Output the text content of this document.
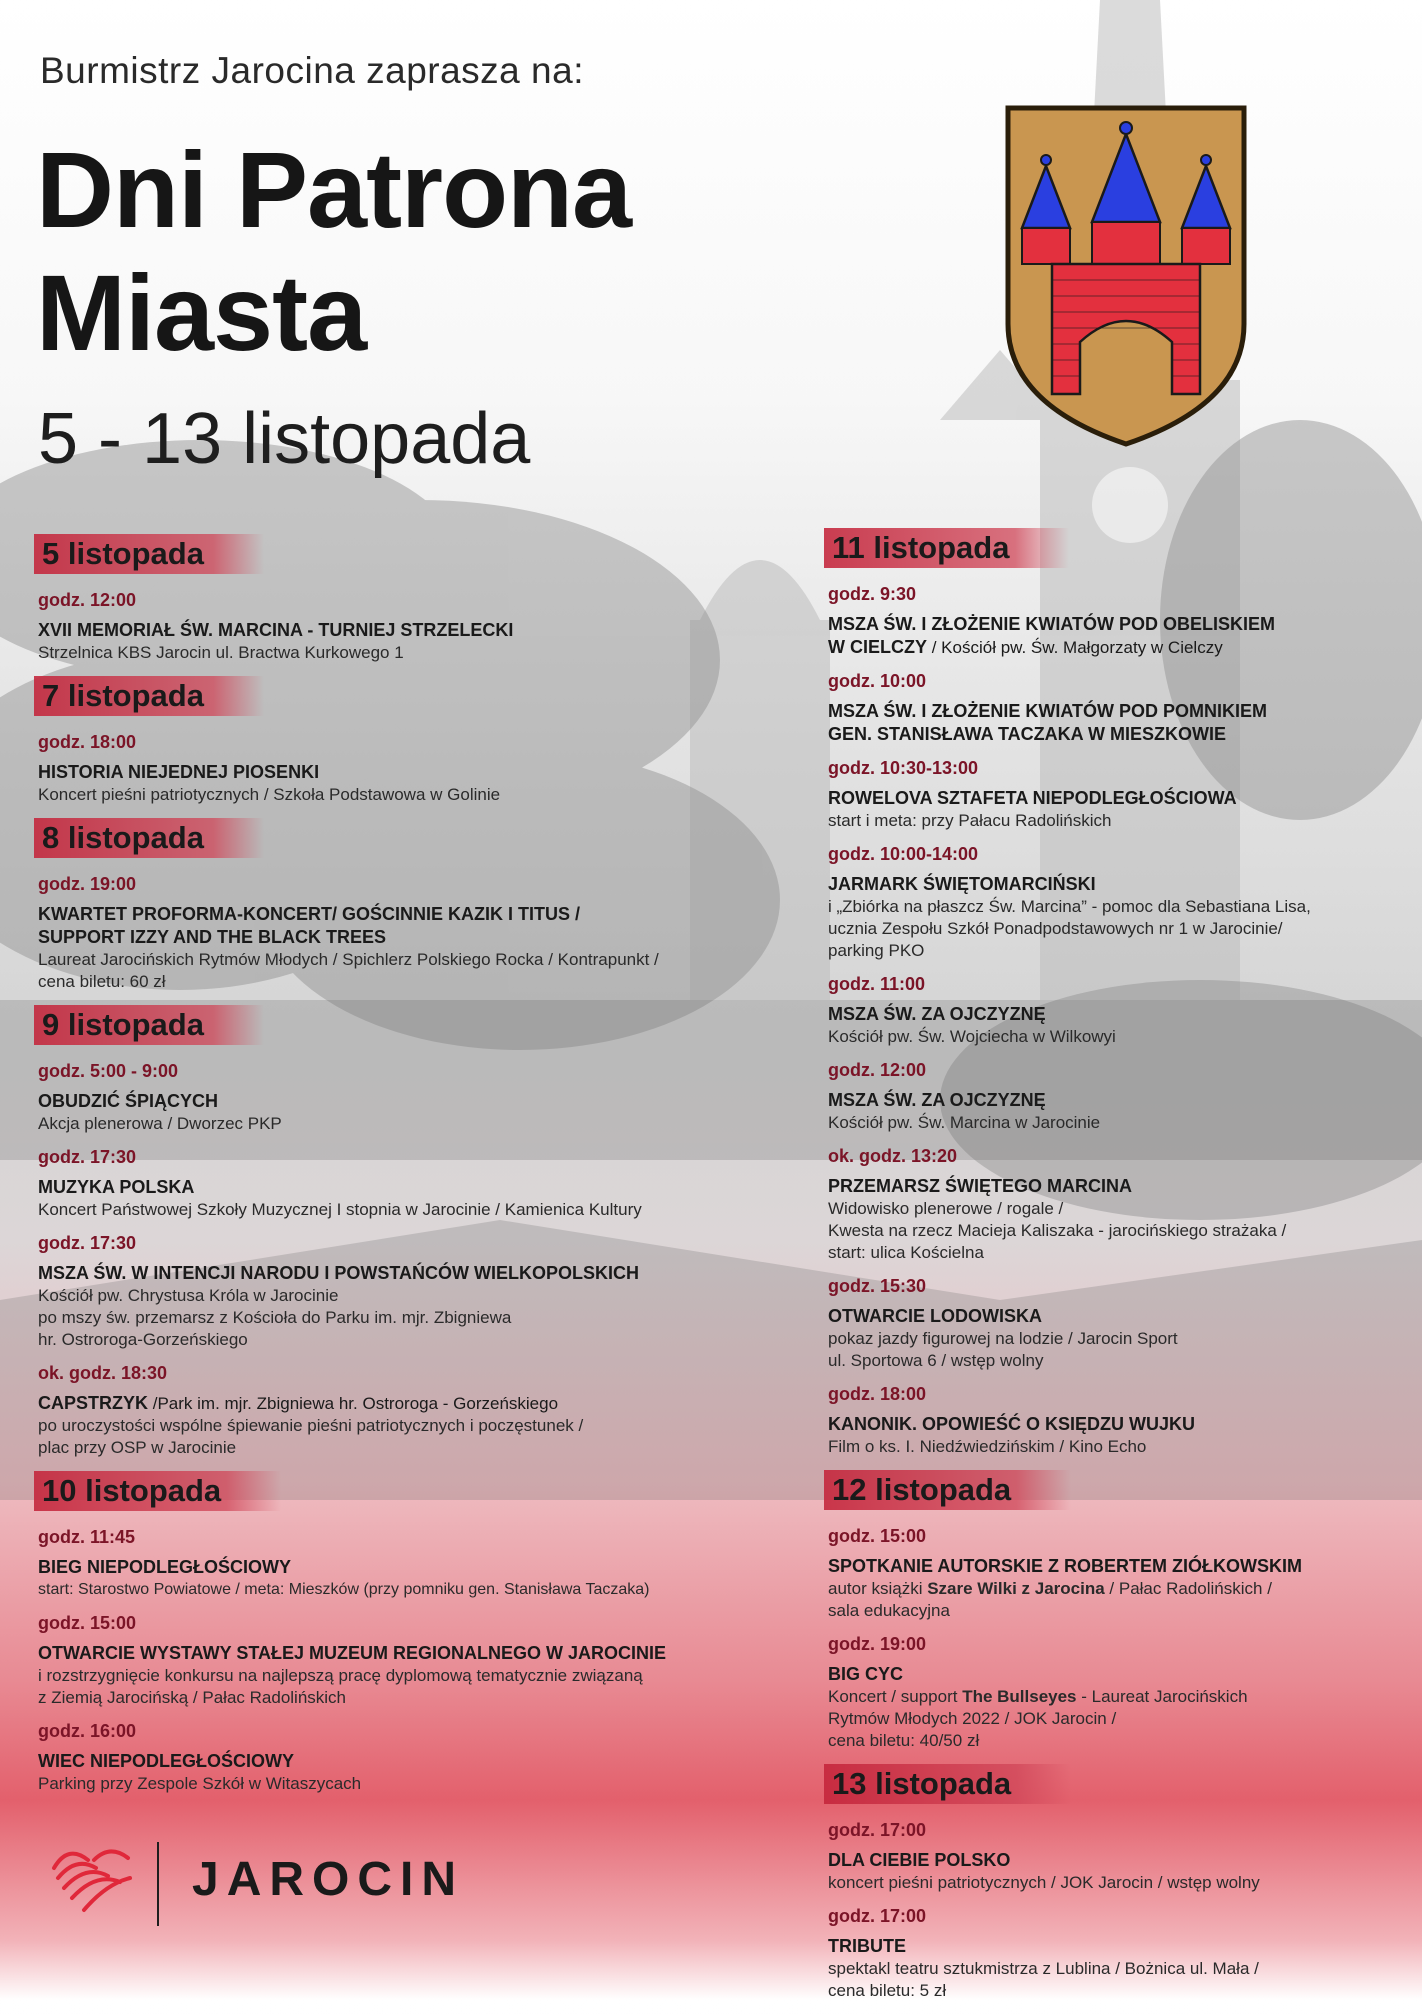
Burmistrz Jarocina zaprasza na:
Dni Patrona
Miasta
5 - 13 listopada
5 listopada
godz. 12:00
XVII MEMORIAŁ ŚW. MARCINA - TURNIEJ STRZELECKI
Strzelnica KBS Jarocin ul. Bractwa Kurkowego 1
7 listopada
godz. 18:00
HISTORIA NIEJEDNEJ PIOSENKI
Koncert pieśni patriotycznych / Szkoła Podstawowa w Golinie
8 listopada
godz. 19:00
KWARTET PROFORMA-KONCERT/ GOŚCINNIE KAZIK I TITUS /
SUPPORT IZZY AND THE BLACK TREES
Laureat Jarocińskich Rytmów Młodych / Spichlerz Polskiego Rocka / Kontrapunkt /
cena biletu: 60 zł
9 listopada
godz. 5:00 - 9:00
OBUDZIĆ ŚPIĄCYCH
Akcja plenerowa / Dworzec PKP
godz. 17:30
MUZYKA POLSKA
Koncert Państwowej Szkoły Muzycznej I stopnia w Jarocinie / Kamienica Kultury
godz. 17:30
MSZA ŚW. W INTENCJI NARODU I POWSTAŃCÓW WIELKOPOLSKICH
Kościół pw. Chrystusa Króla w Jarocinie
po mszy św. przemarsz z Kościoła do Parku im. mjr. Zbigniewa
hr. Ostroroga-Gorzeńskiego
ok. godz. 18:30
CAPSTRZYK /Park im. mjr. Zbigniewa hr. Ostroroga - Gorzeńskiego
po uroczystości wspólne śpiewanie pieśni patriotycznych i poczęstunek /
plac przy OSP w Jarocinie
10 listopada
godz. 11:45
BIEG NIEPODLEGŁOŚCIOWY
start: Starostwo Powiatowe / meta: Mieszków (przy pomniku gen. Stanisława Taczaka)
godz. 15:00
OTWARCIE WYSTAWY STAŁEJ MUZEUM REGIONALNEGO W JAROCINIE
i rozstrzygnięcie konkursu na najlepszą pracę dyplomową tematycznie związaną
z Ziemią Jarocińską / Pałac Radolińskich
godz. 16:00
WIEC NIEPODLEGŁOŚCIOWY
Parking przy Zespole Szkół w Witaszycach
11 listopada
godz. 9:30
MSZA ŚW. I ZŁOŻENIE KWIATÓW POD OBELISKIEM
W CIELCZY / Kościół pw. Św. Małgorzaty w Cielczy
godz. 10:00
MSZA ŚW. I ZŁOŻENIE KWIATÓW POD POMNIKIEM
GEN. STANISŁAWA TACZAKA W MIESZKOWIE
godz. 10:30-13:00
ROWELOVA SZTAFETA NIEPODLEGŁOŚCIOWA
start i meta: przy Pałacu Radolińskich
godz. 10:00-14:00
JARMARK ŚWIĘTOMARCIŃSKI
i „Zbiórka na płaszcz Św. Marcina” - pomoc dla Sebastiana Lisa,
ucznia Zespołu Szkół Ponadpodstawowych nr 1 w Jarocinie/
parking PKO
godz. 11:00
MSZA ŚW. ZA OJCZYZNĘ
Kościół pw. Św. Wojciecha w Wilkowyi
godz. 12:00
MSZA ŚW. ZA OJCZYZNĘ
Kościół pw. Św. Marcina w Jarocinie
ok. godz. 13:20
PRZEMARSZ ŚWIĘTEGO MARCINA
Widowisko plenerowe / rogale /
Kwesta na rzecz Macieja Kaliszaka - jarocińskiego strażaka /
start: ulica Kościelna
godz. 15:30
OTWARCIE LODOWISKA
pokaz jazdy figurowej na lodzie / Jarocin Sport
ul. Sportowa 6 / wstęp wolny
godz. 18:00
KANONIK. OPOWIEŚĆ O KSIĘDZU WUJKU
Film o ks. I. Niedźwiedzińskim / Kino Echo
12 listopada
godz. 15:00
SPOTKANIE AUTORSKIE Z ROBERTEM ZIÓŁKOWSKIM
autor książki Szare Wilki z Jarocina / Pałac Radolińskich /
sala edukacyjna
godz. 19:00
BIG CYC
Koncert / support The Bullseyes - Laureat Jarocińskich
Rytmów Młodych 2022 / JOK Jarocin /
cena biletu: 40/50 zł
13 listopada
godz. 17:00
DLA CIEBIE POLSKO
koncert pieśni patriotycznych / JOK Jarocin / wstęp wolny
godz. 17:00
TRIBUTE
spektakl teatru sztukmistrza z Lublina / Bożnica ul. Mała /
cena biletu: 5 zł
JAROCIN
